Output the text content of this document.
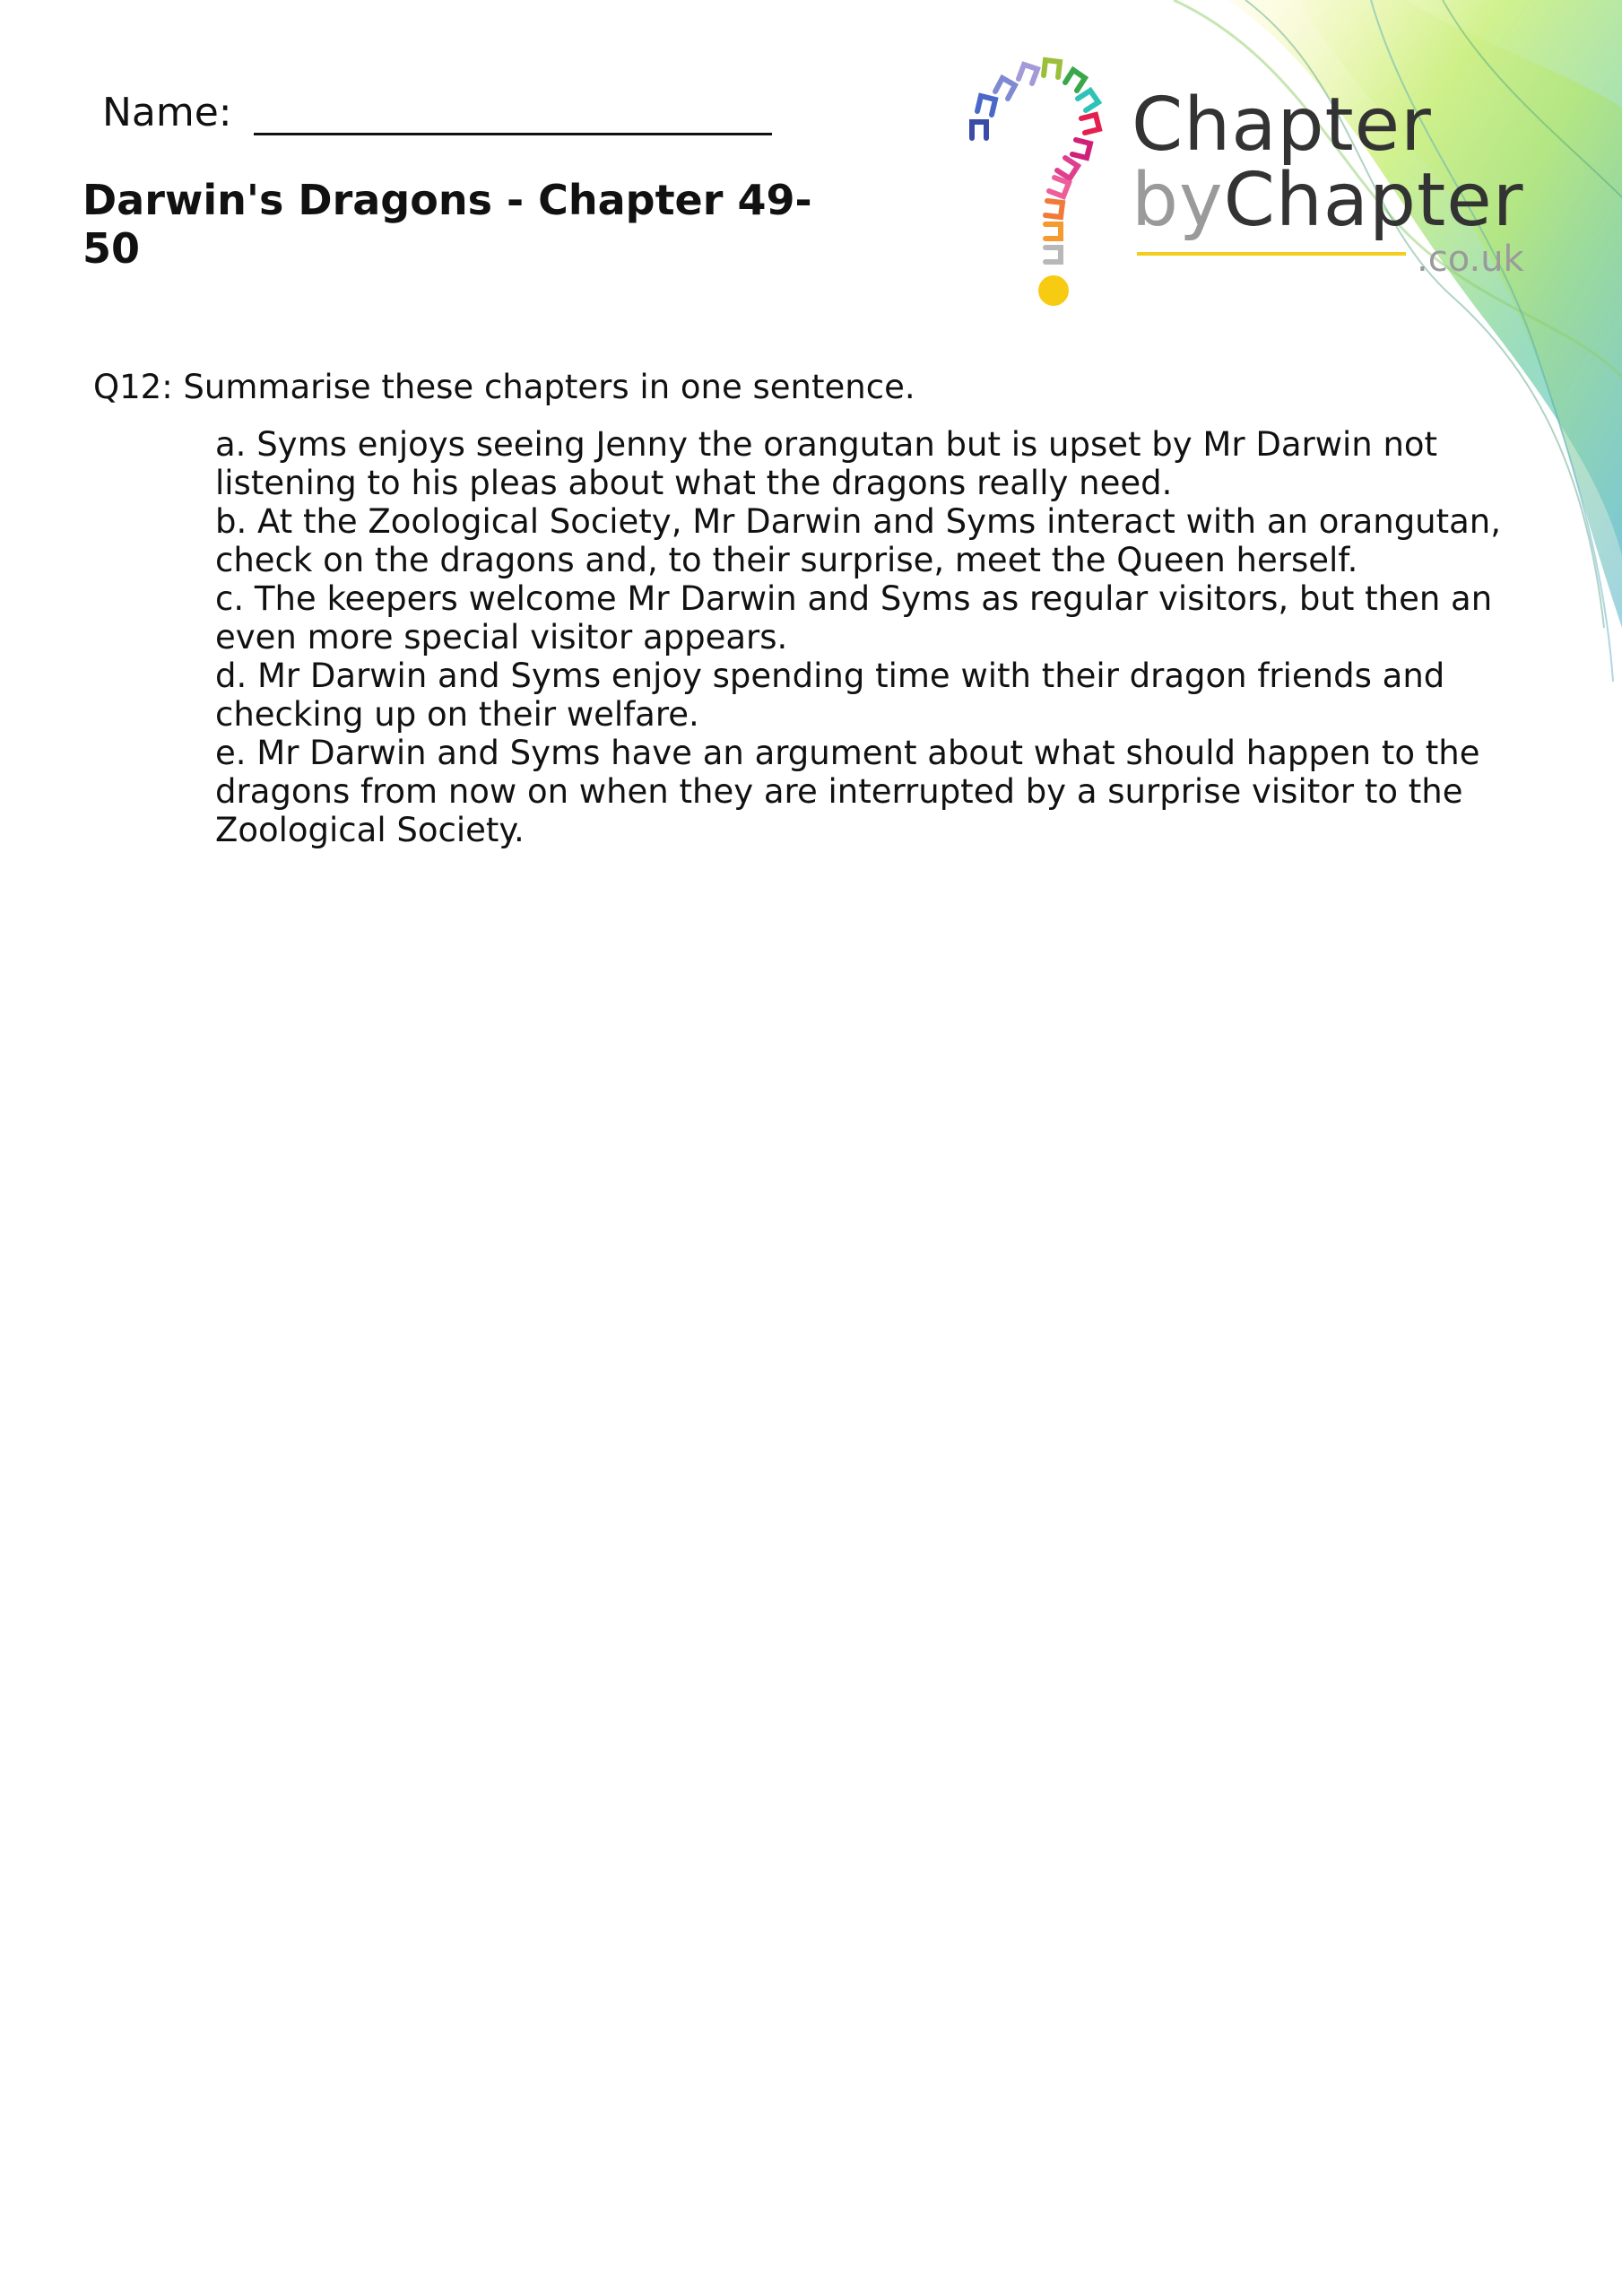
Name:
Darwin's Dragons - Chapter 49-50
Chapter
byChapter
.co.uk
Q12: Summarise these chapters in one sentence.
a. Syms enjoys seeing Jenny the orangutan but is upset by Mr Darwin not listening to his pleas about what the dragons really need.
b. At the Zoological Society, Mr Darwin and Syms interact with an orangutan, check on the dragons and, to their surprise, meet the Queen herself.
c. The keepers welcome Mr Darwin and Syms as regular visitors, but then an even more special visitor appears.
d. Mr Darwin and Syms enjoy spending time with their dragon friends and checking up on their welfare.
e. Mr Darwin and Syms have an argument about what should happen to the dragons from now on when they are interrupted by a surprise visitor to the Zoological Society.
